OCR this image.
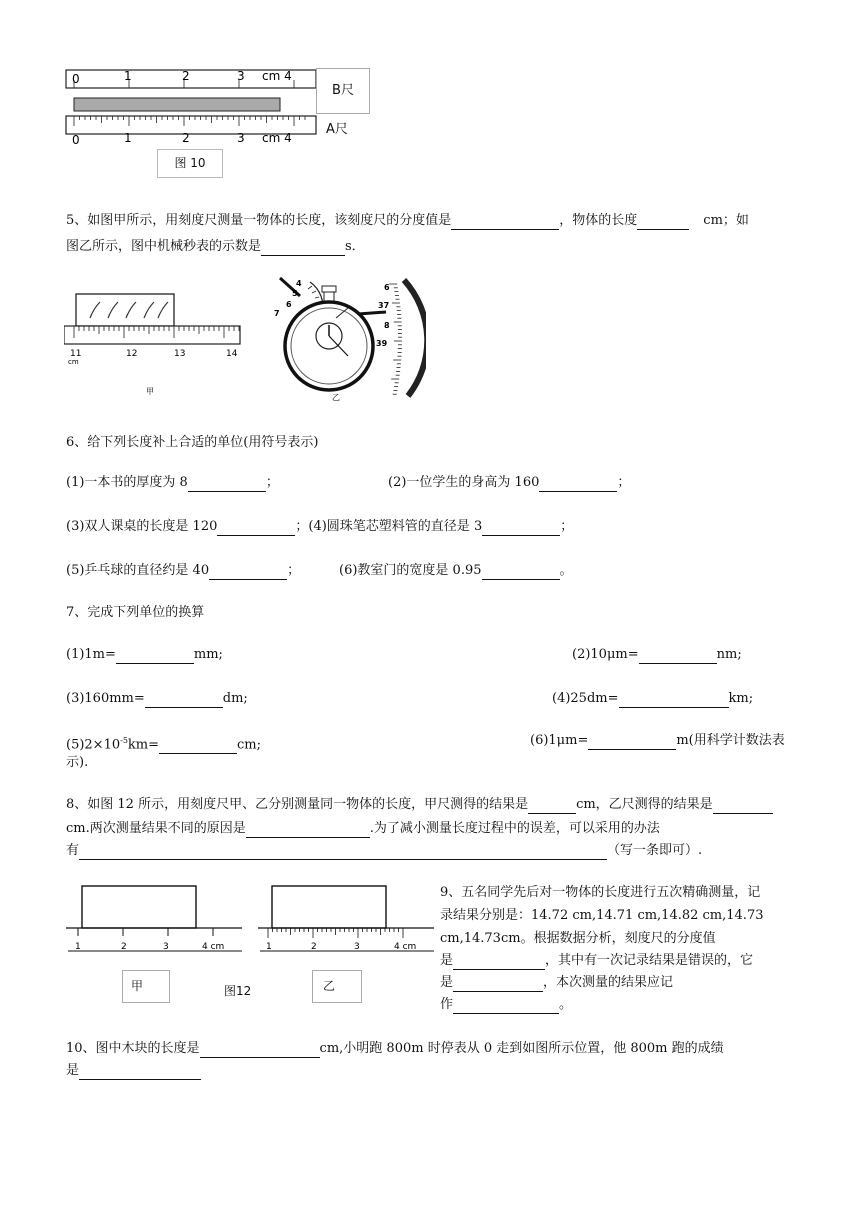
0	1	2	3 cm 4
0	1	2	3 cm 4
B尺
A尺
图 10
5、如图甲所示，用刻度尺测量一物体的长度，该刻度尺的分度值是	，物体的长度	cm；如
图乙所示，图中机械秒表的示数是	s．
11	12	13	14
cm
甲
4
5
6
7
6
37
8
39
乙
6、给下列长度补上合适的单位(用符号表示)
(1)一本书的厚度为 8	；	(2)一位学生的身高为 160	；
(3)双人课桌的长度是 120	；(4)圆珠笔芯塑料管的直径是 3	；
(5)乒乓球的直径约是 40	；	(6)教室门的宽度是 0.95	。
7、完成下列单位的换算
(1)1m=	mm;	(2)10μm=	nm;
(3)160mm=	dm;	(4)25dm=	km;
$(5)2\times 10^{-5}km=$	cm;	(6)1μm=	m(用科学计数法表
示).
8、如图 12 所示，用刻度尺甲、乙分别测量同一物体的长度，甲尺测得的结果是	cm，乙尺测得的结果是
cm.两次测量结果不同的原因是	.为了减小测量长度过程中的误差，可以采用的办法
有	（写一条即可）.
1	2	3	4 cm	1	2	3	4 cm
甲	图12	乙
9、五名同学先后对一物体的长度进行五次精确测量，记
录结果分别是：14.72 cm,14.71 cm,14.82 cm,14.73
cm,14.73cm。根据数据分析，刻度尺的分度值
是	，其中有一次记录结果是错误的，它
是	，本次测量的结果应记
作	。
10、图中木块的长度是	cm,小明跑 800m 时停表从 0 走到如图所示位置，他 800m 跑的成绩
是
